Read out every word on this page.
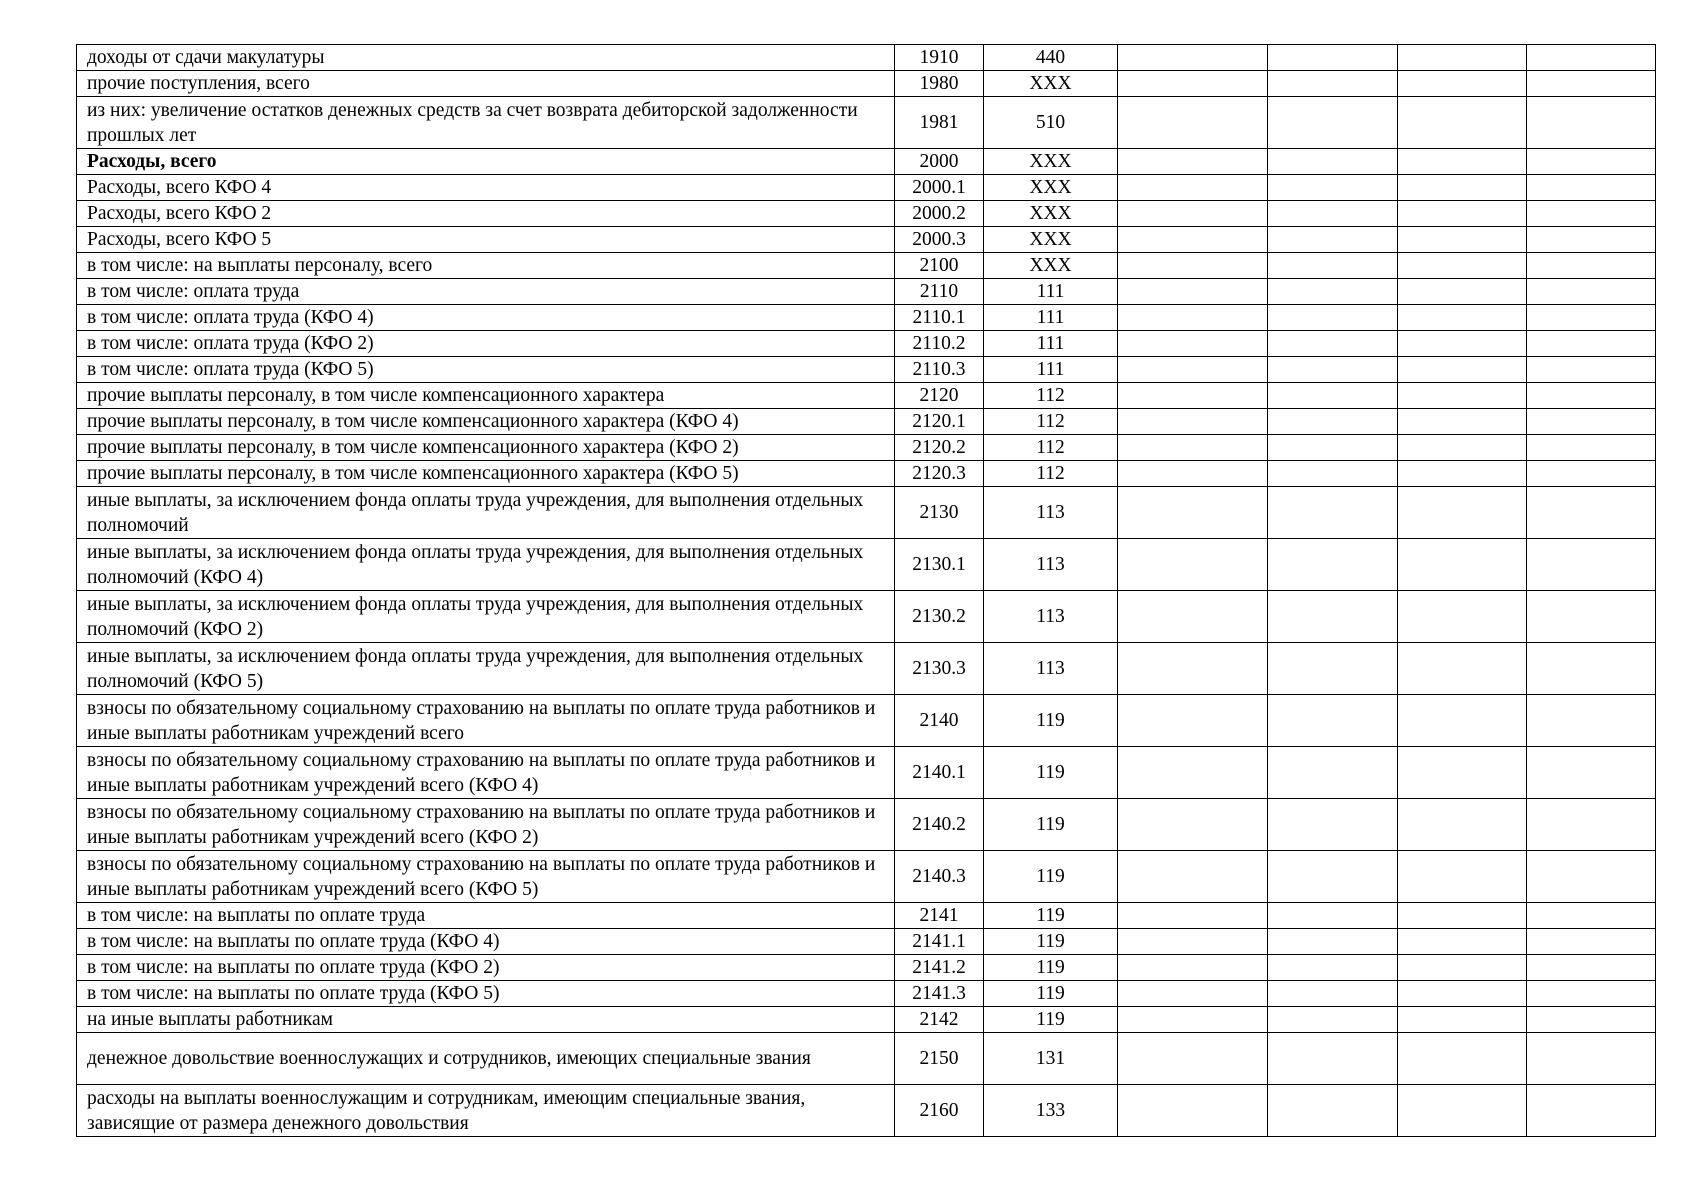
доходы от сдачи макулатуры	1910	440				
прочие поступления, всего	1980	XXX				
из них: увеличение остатков денежных средств за счет возврата дебиторской задолженности прошлых лет	1981	510				
Расходы, всего	2000	XXX				
Расходы, всего КФО 4	2000.1	XXX				
Расходы, всего КФО 2	2000.2	XXX				
Расходы, всего КФО 5	2000.3	XXX				
в том числе: на выплаты персоналу, всего	2100	XXX				
в том числе: оплата труда	2110	111				
в том числе: оплата труда (КФО 4)	2110.1	111				
в том числе: оплата труда (КФО 2)	2110.2	111				
в том числе: оплата труда (КФО 5)	2110.3	111				
прочие выплаты персоналу, в том числе компенсационного характера	2120	112				
прочие выплаты персоналу, в том числе компенсационного характера (КФО 4)	2120.1	112				
прочие выплаты персоналу, в том числе компенсационного характера (КФО 2)	2120.2	112				
прочие выплаты персоналу, в том числе компенсационного характера (КФО 5)	2120.3	112				
иные выплаты, за исключением фонда оплаты труда учреждения, для выполнения отдельных полномочий	2130	113				
иные выплаты, за исключением фонда оплаты труда учреждения, для выполнения отдельных полномочий (КФО 4)	2130.1	113				
иные выплаты, за исключением фонда оплаты труда учреждения, для выполнения отдельных полномочий (КФО 2)	2130.2	113				
иные выплаты, за исключением фонда оплаты труда учреждения, для выполнения отдельных полномочий (КФО 5)	2130.3	113				
взносы по обязательному социальному страхованию на выплаты по оплате труда работников и иные выплаты работникам учреждений всего	2140	119				
взносы по обязательному социальному страхованию на выплаты по оплате труда работников и иные выплаты работникам учреждений всего (КФО 4)	2140.1	119				
взносы по обязательному социальному страхованию на выплаты по оплате труда работников и иные выплаты работникам учреждений всего (КФО 2)	2140.2	119				
взносы по обязательному социальному страхованию на выплаты по оплате труда работников и иные выплаты работникам учреждений всего (КФО 5)	2140.3	119				
в том числе: на выплаты по оплате труда	2141	119				
в том числе: на выплаты по оплате труда (КФО 4)	2141.1	119				
в том числе: на выплаты по оплате труда (КФО 2)	2141.2	119				
в том числе: на выплаты по оплате труда (КФО 5)	2141.3	119				
на иные выплаты работникам	2142	119				
денежное довольствие военнослужащих и сотрудников, имеющих специальные звания	2150	131				
расходы на выплаты военнослужащим и сотрудникам, имеющим специальные звания, зависящие от размера денежного довольствия	2160	133				
